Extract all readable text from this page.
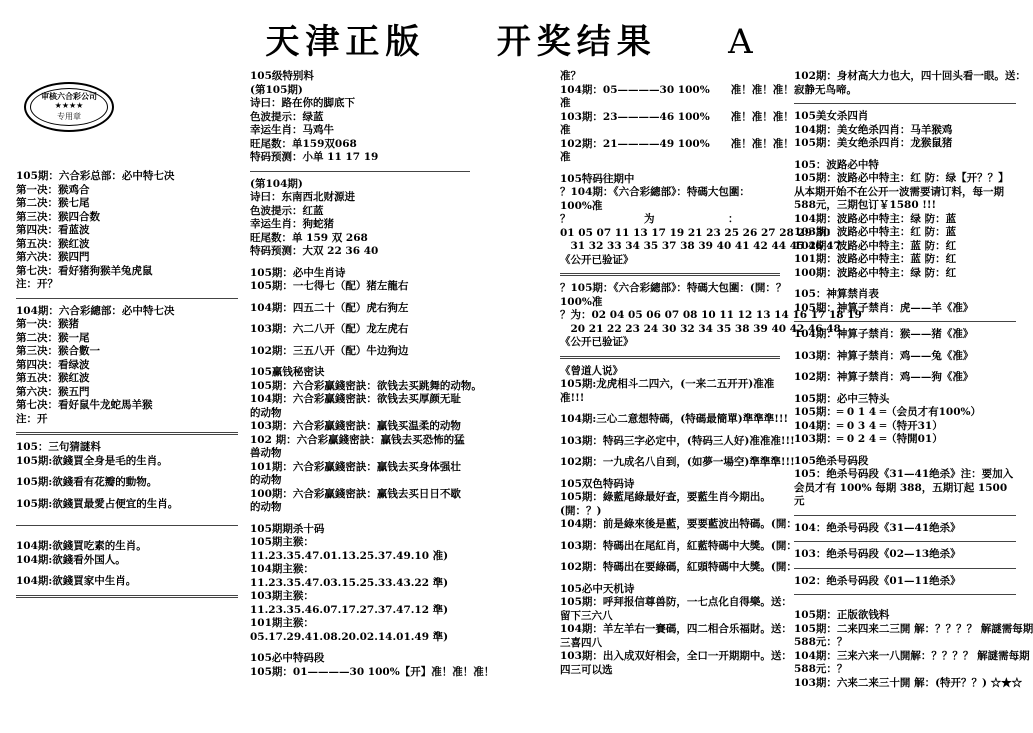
天津正版 开奖结果 A
审核六合彩公司
★★★★
专用章
105期：六合彩总部：必中特七决
第一决：猴鸡合
第二决：猴七尾
第三决：猴四合数
第四决：看蓝波
第五决：猴红波
第六决：猴四門
第七决：看好猪狗猴羊兔虎鼠
注：开？
104期：六合彩總部：必中特七决
第一决：猴猪
第二决：猴一尾
第三决：猴合數一
第四决：看绿波
第五决：猴红波
第六决：猴五門
第七决：看好鼠牛龙蛇馬羊猴
注：开
105：三句猜謎料
105期:欲錢買全身是毛的生肖。
105期:欲錢看有花瓣的動物。
105期:欲錢買最愛占便宜的生肖。
104期:欲錢買吃素的生肖。
104期:欲錢看外国人。
104期:欲錢買家中生肖。
105级特别料
(第105期)
诗曰：路在你的脚底下
色波提示：绿蓝
幸运生肖：马鸡牛
旺尾数：单159双068
特码预测：小单 11 17 19
(第104期)
诗曰：东南西北财源进
色波提示：红蓝
幸运生肖：狗蛇猪
旺尾数：单 159 双 268
特码预测：大双 22 36 40
105期：必中生肖诗
105期：一七得七（配）猪左龍右
104期：四五二十（配）虎右狗左
103期：六二八开（配）龙左虎右
102期：三五八开（配）牛边狗边
105赢钱秘密诀
105期：六合彩贏錢密訣：欲钱去买跳舞的动物。
104期：六合彩贏錢密訣：欲钱去买厚颜无耻的动物
103期：六合彩贏錢密訣：贏钱买温柔的动物
102 期：六合彩贏錢密訣：贏钱去买恐怖的猛兽动物
101期：六合彩贏錢密訣：贏钱去买身体强壮的动物
100期：六合彩贏錢密訣：赢钱去买日日不歇的动物
105期期杀十码
105期主猴：11.23.35.47.01.13.25.37.49.10 准)
104期主猴：11.23.35.47.03.15.25.33.43.22 準)
103期主猴：11.23.35.46.07.17.27.37.47.12 準)
101期主猴：05.17.29.41.08.20.02.14.01.49 準)
105必中特码段
105期：01————30 100%【开】准！准！准！
准？
104期：05————30 100%　　准！准！准！
准
103期：23————46 100%　　准！准！准！
准
102期：21————49 100%　　准！准！准！
准
105特码往期中
？104期：《六合彩總部》：特碼大包圍：
100%准
？　　　　　　　为　　　　　　　：
01 05 07 11 13 17 19 21 23 25 26 27 28 29 30
　31 32 33 34 35 37 38 39 40 41 42 44 45 46 47
《公开已验证》
？105期：《六合彩總部》：特碼大包圍：(開：？
100%准
？为：02 04 05 06 07 08 10 11 12 13 14 16 17 18 19
　20 21 22 23 24 30 32 34 35 38 39 40 42 46 48
《公开已验证》
《曾道人说》
105期:龙虎相斗二四六，(一来二五开开)准准
准!!!
104期:三心二意想特碼，(特碼最簡單)準準準!!!
103期：特码三字必定中，(特码三人好)准准准!!!
102期：一九成名八自到，(如夢一場空)準準準!!!
105双色特码诗
105期：綠藍尾綠最好查，要藍生肖今期出。
(開：？)
104期：前是綠來後是藍，要要藍波出特碼。(開：
103期：特碼出在尾紅肖，紅藍特碼中大獎。(開：
102期：特碼出在要綠碼，紅頭特碼中大獎。(開：
105必中天机诗
105期：呼拜报信尊兽防，一七点化自得樂。送：
留下三六八
104期：羊左羊右一賽碼，四二相合乐福財。送：
三喜四八
103期：出入成双好相会，全口一开期期中。送：
四三可以选
102期：身材高大力也大，四十回头看一眼。送：
寂静无鸟啼。
105美女杀四肖
104期：美女绝杀四肖：马羊猴鸡
105期：美女绝杀四肖：龙猴鼠猪
105：波路必中特
105期：波路必中特主：红 防：绿【开？？】从本期开始不在公开一波需要请订料，每一期588元，三期包订￥1580 !!!
104期：波路必中特主：绿 防：蓝
103期：波路必中特主：红 防：蓝
102期：波路必中特主：蓝 防：红
101期：波路必中特主：蓝 防：红
100期：波路必中特主：绿 防：红
105：神算禁肖表
105期：神算子禁肖：虎——羊《准》
104期：神算子禁肖：猴——猪《准》
103期：神算子禁肖：鸡——兔《准》
102期：神算子禁肖：鸡——狗《准》
105期：必中三特头
105期：═ 0 1 4 ═（会员才有100%）
104期：═ 0 3 4 ═（特开31）
103期：═ 0 2 4 ═（特開01）
105绝杀号码段
105：绝杀号码段《31—41绝杀》注：要加入会员才有 100% 每期 388，五期订起 1500 元
104：绝杀号码段《31—41绝杀》
103：绝杀号码段《02—13绝杀》
102：绝杀号码段《01—11绝杀》
105期：正版欲钱料
105期：二来四来二三開 解：？？？？ 解謎需每期
588元：？
104期：三来六来一八開解：？？？？ 解謎需每期
588元：？
103期：六来二来三十開 解：(特开？？) ☆★☆
